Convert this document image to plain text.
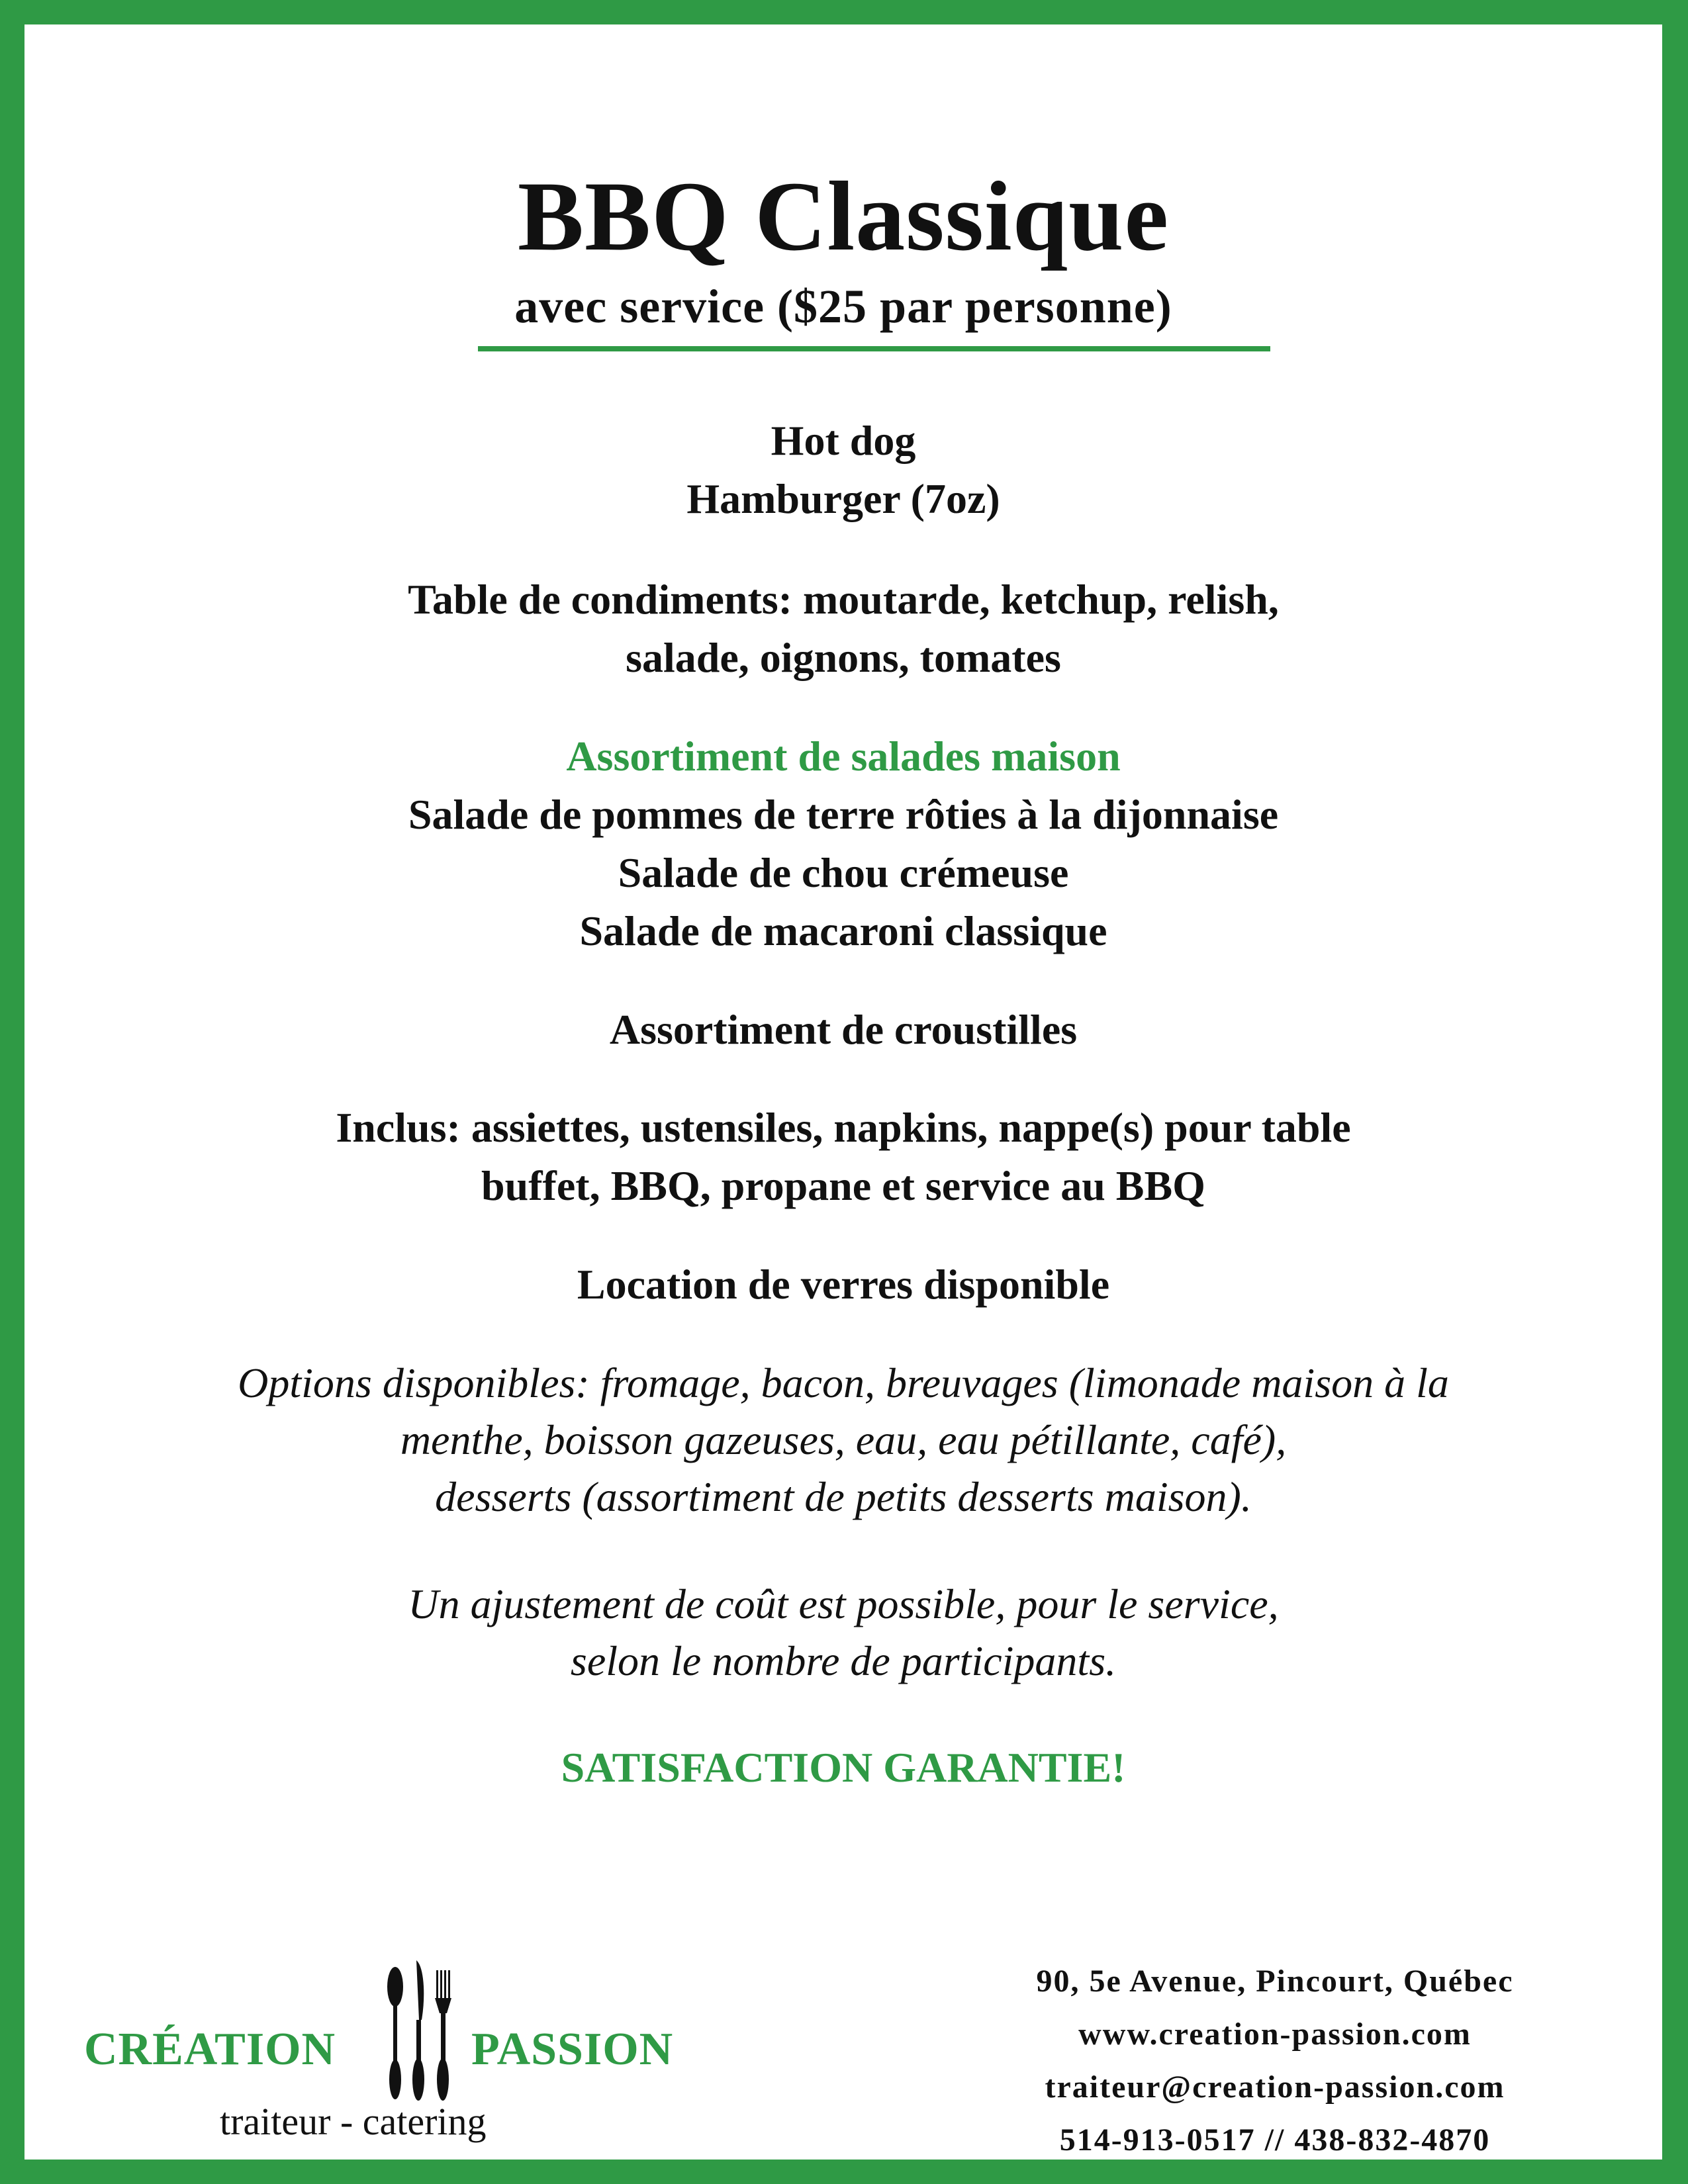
BBQ Classique
avec service ($25 par personne)
Hot dog
Hamburger (7oz)
Table de condiments: moutarde, ketchup, relish,
salade, oignons, tomates
Assortiment de salades maison
Salade de pommes de terre rôties à la dijonnaise
Salade de chou crémeuse
Salade de macaroni classique
Assortiment de croustilles
Inclus: assiettes, ustensiles, napkins, nappe(s) pour table
buffet, BBQ, propane et service au BBQ
Location de verres disponible
Options disponibles: fromage, bacon, breuvages (limonade maison à la
menthe, boisson gazeuses, eau, eau pétillante, café),
desserts (assortiment de petits desserts maison).
Un ajustement de coût est possible, pour le service,
selon le nombre de participants.
SATISFACTION GARANTIE!
CRÉATION	PASSION
traiteur - catering
90, 5e Avenue, Pincourt, Québec
www.creation-passion.com
traiteur@creation-passion.com
514-913-0517 // 438-832-4870
